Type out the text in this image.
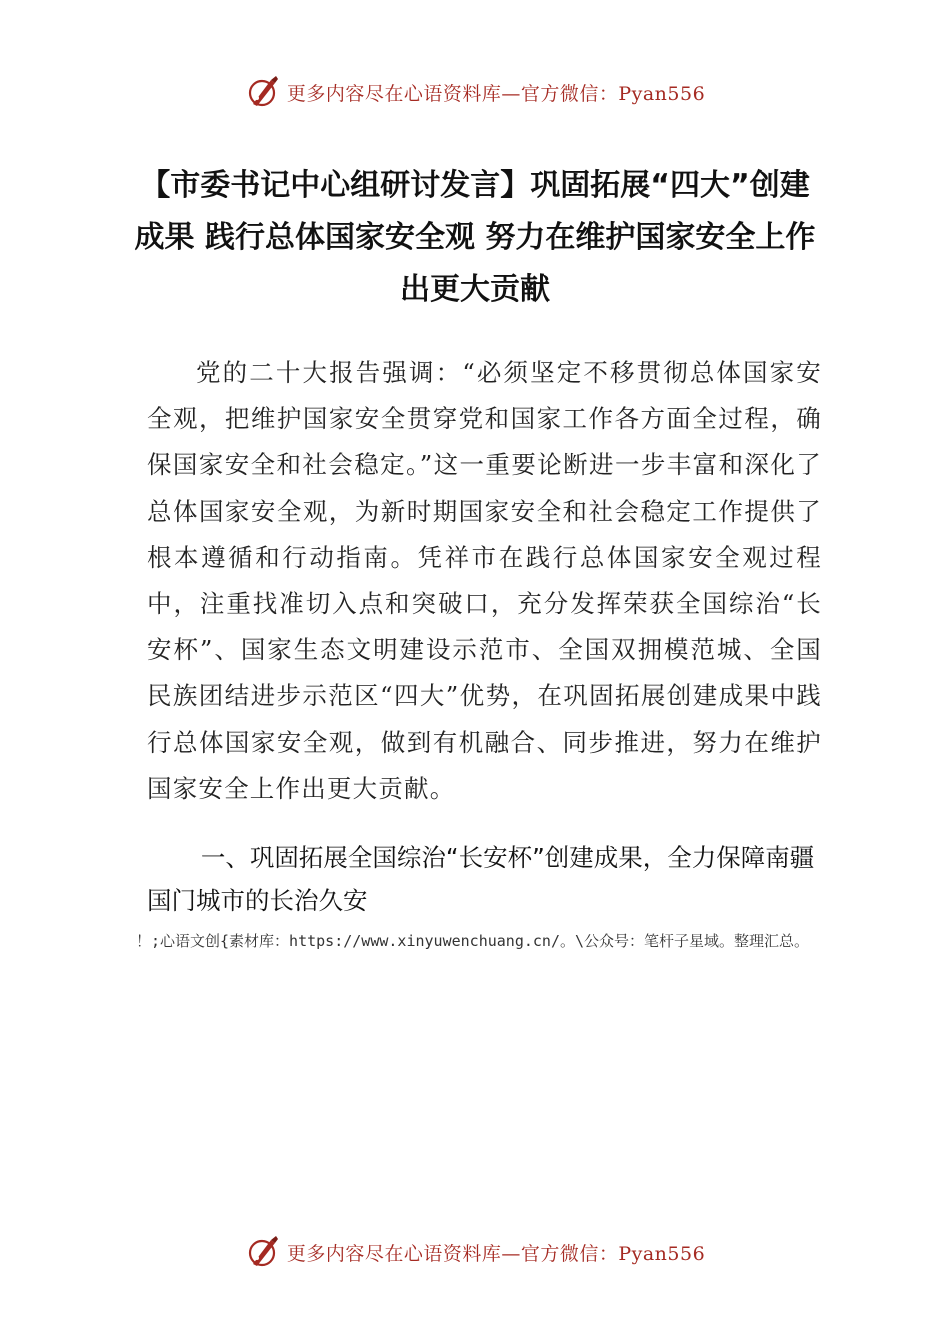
更多内容尽在心语资料库—官方微信：Pyan556
【市委书记中心组研讨发言】巩固拓展“四大”创建成果 践行总体国家安全观 努力在维护国家安全上作出更大贡献

党的二十大报告强调：“必须坚定不移贯彻总体国家安全观，把维护国家安全贯穿党和国家工作各方面全过程，确保国家安全和社会稳定。”这一重要论断进一步丰富和深化了总体国家安全观，为新时期国家安全和社会稳定工作提供了根本遵循和行动指南。凭祥市在践行总体国家安全观过程中，注重找准切入点和突破口，充分发挥荣获全国综治“长安杯”、国家生态文明建设示范市、全国双拥模范城、全国民族团结进步示范区“四大”优势，在巩固拓展创建成果中践行总体国家安全观，做到有机融合、同步推进，努力在维护国家安全上作出更大贡献。

一、巩固拓展全国综治“长安杯”创建成果，全力保障南疆国门城市的长治久安

！;心语文创{素材库：https://www.xinyuwenchuang.cn/。\公众号：笔杆子星域。整理汇总。

更多内容尽在心语资料库—官方微信：Pyan556
